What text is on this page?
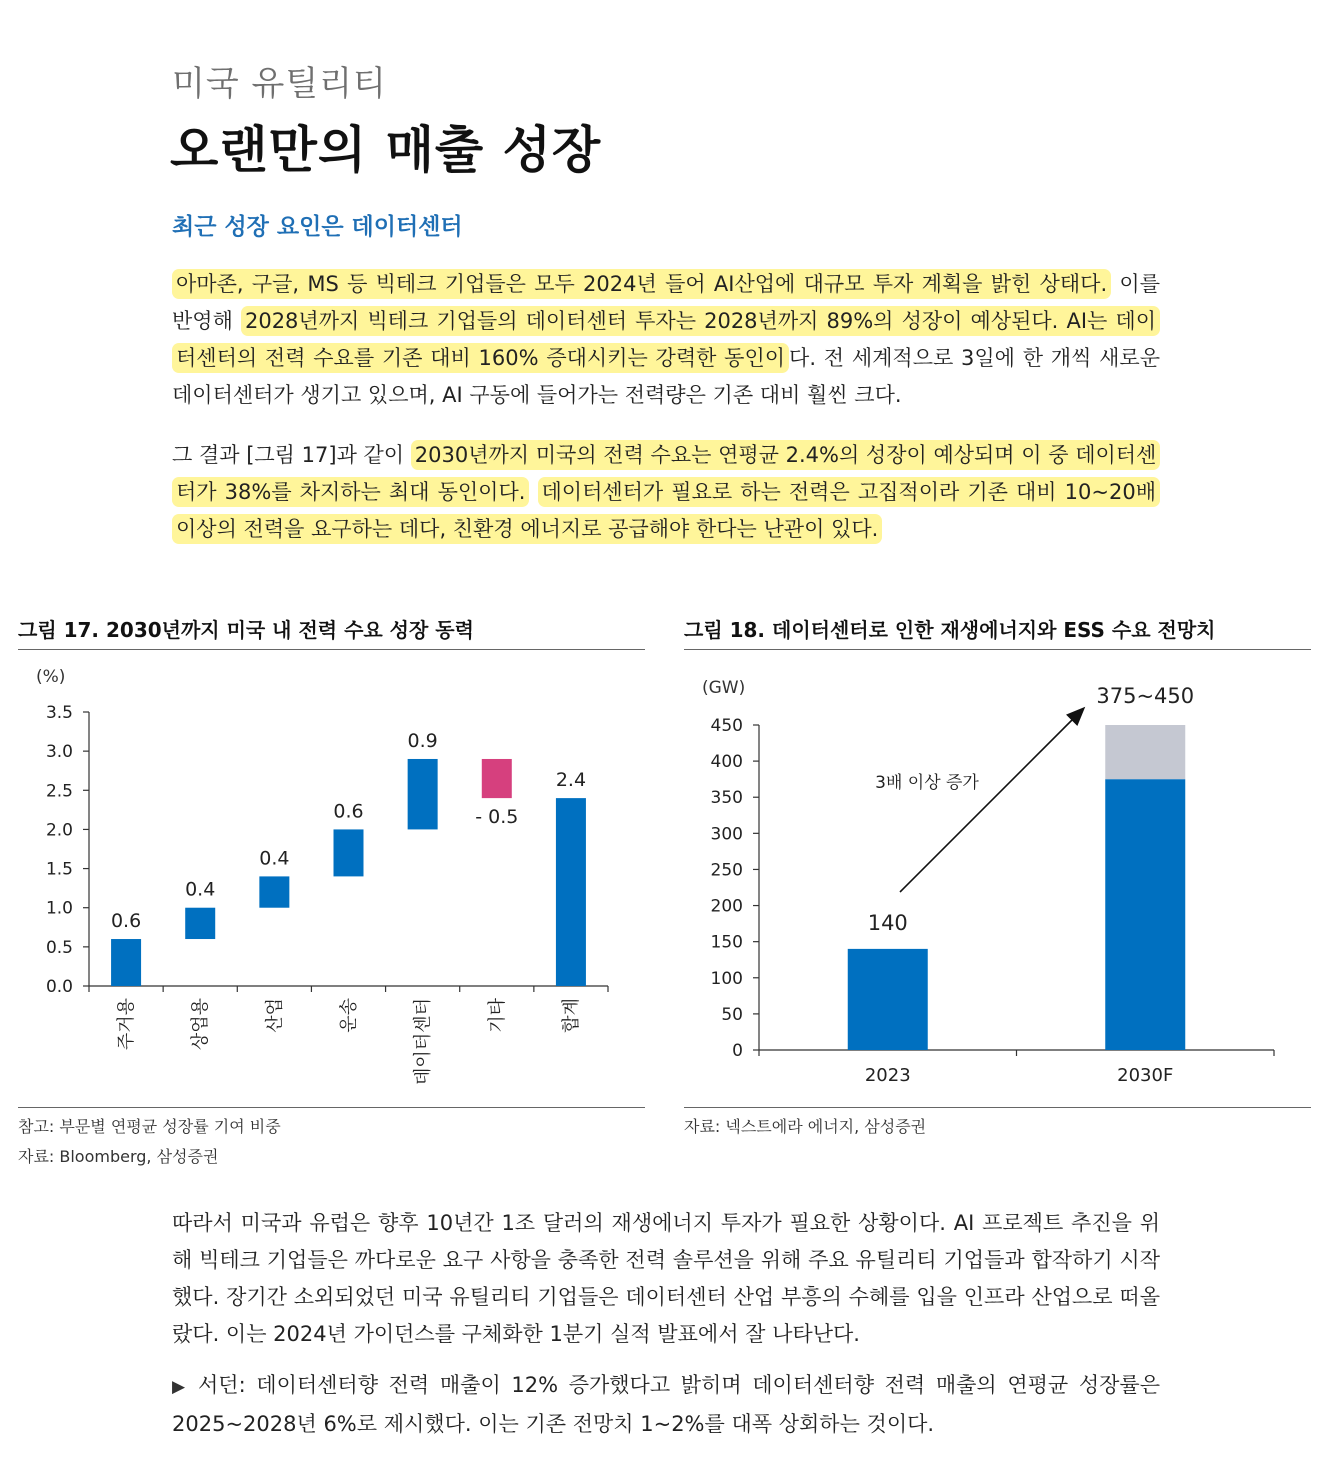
미국 유틸리티
오랜만의 매출 성장
최근 성장 요인은 데이터센터
아마존, 구글, MS 등 빅테크 기업들은 모두 2024년 들어 AI산업에 대규모 투자 계획을 밝힌 상태다. 이를 반영해 2028년까지 빅테크 기업들의 데이터센터 투자는 2028년까지 89%의 성장이 예상된다. AI는 데이터센터의 전력 수요를 기존 대비 160% 증대시키는 강력한 동인이 다. 전 세계적으로 3일에 한 개씩 새로운 데이터센터가 생기고 있으며, AI 구동에 들어가는 전력량은 기존 대비 훨씬 크다.
그 결과 [그림 17]과 같이 2030년까지 미국의 전력 수요는 연평균 2.4%의 성장이 예상되며 이 중 데이터센터가 38%를 차지하는 최대 동인이다. 데이터센터가 필요로 하는 전력은 고집적이라 기존 대비 10~20배 이상의 전력을 요구하는 데다, 친환경 에너지로 공급해야 한다는 난관이 있다.
그림 17. 2030년까지 미국 내 전력 수요 성장 동력
(%)
0.0
0.5
1.0
1.5
2.0
2.5
3.0
3.5
0.6
주거용
0.4
상업용
0.4
산업
0.6
운송
0.9
데이터센터
- 0.5
기타
2.4
합계
참고: 부문별 연평균 성장률 기여 비중
자료: Bloomberg, 삼성증권
그림 18. 데이터센터로 인한 재생에너지와 ESS 수요 전망치
(GW)
0
50
100
150
200
250
300
350
400
450
140
2023
375~450
2030F
3배 이상 증가
자료: 넥스트에라 에너지, 삼성증권
따라서 미국과 유럽은 향후 10년간 1조 달러의 재생에너지 투자가 필요한 상황이다. AI 프로젝트 추진을 위해 빅테크 기업들은 까다로운 요구 사항을 충족한 전력 솔루션을 위해 주요 유틸리티 기업들과 합작하기 시작했다. 장기간 소외되었던 미국 유틸리티 기업들은 데이터센터 산업 부흥의 수혜를 입을 인프라 산업으로 떠올랐다. 이는 2024년 가이던스를 구체화한 1분기 실적 발표에서 잘 나타난다.
▶ 서던: 데이터센터향 전력 매출이 12% 증가했다고 밝히며 데이터센터향 전력 매출의 연평균 성장률은 2025~2028년 6%로 제시했다. 이는 기존 전망치 1~2%를 대폭 상회하는 것이다.
